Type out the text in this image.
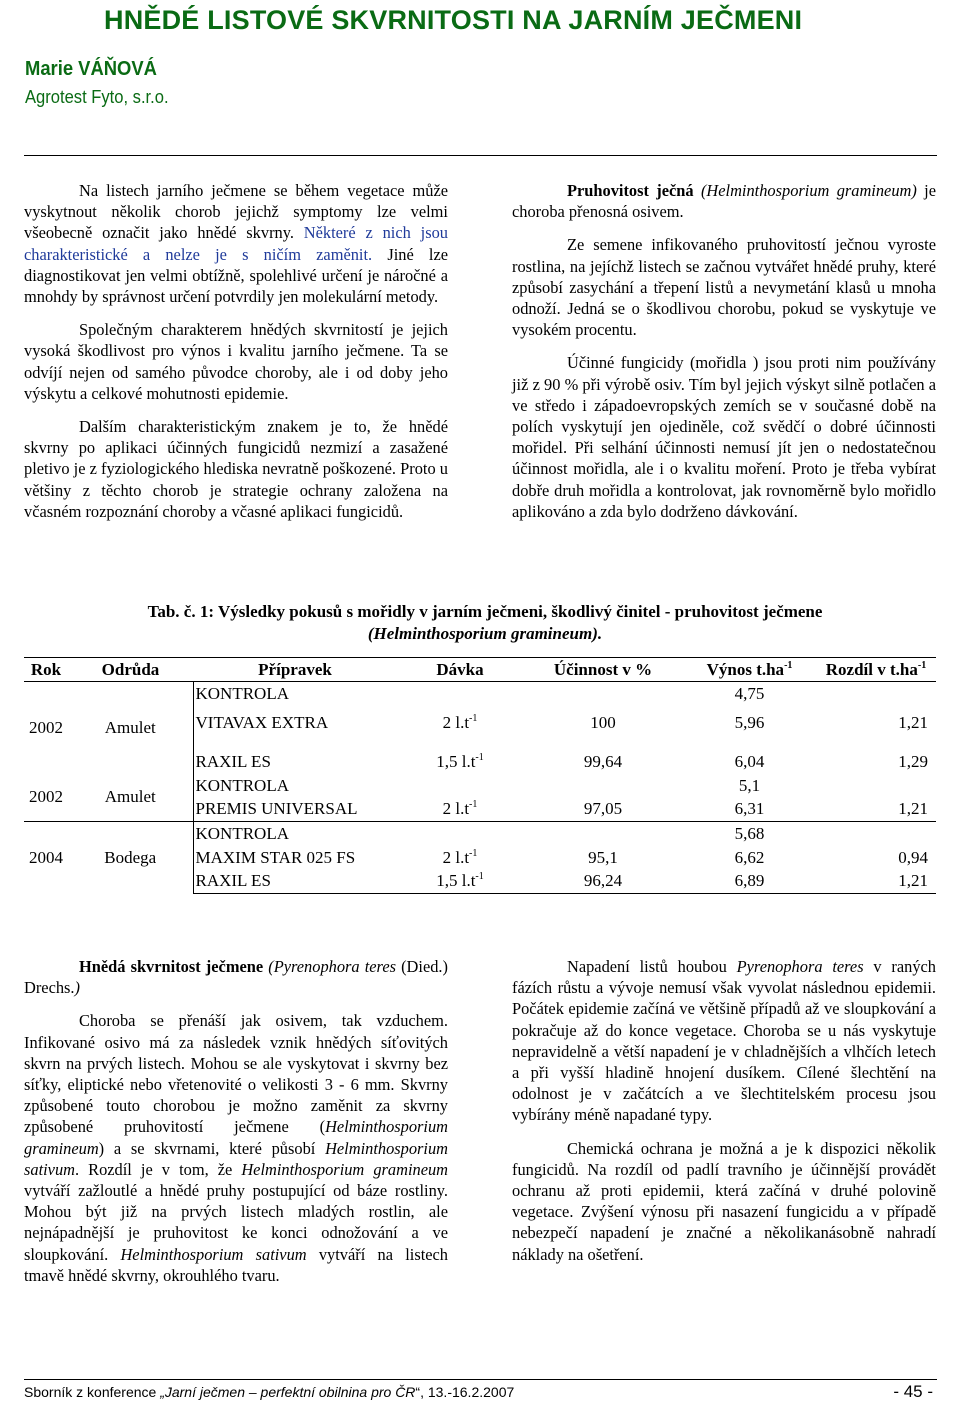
HNĚDÉ LISTOVÉ SKVRNITOSTI NA JARNÍM JEČMENI
Marie VÁŇOVÁ
Agrotest Fyto, s.r.o.

Na listech jarního ječmene se během vegetace může vyskytnout několik chorob jejichž symptomy lze velmi všeobecně označit jako hnědé skvrny. Některé z nich jsou charakteristické a nelze je s ničím zaměnit. Jiné lze diagnostikovat jen velmi obtížně, spolehlivé určení je náročné a mnohdy by správnost určení potvrdily jen molekulární metody.

Společným charakterem hnědých skvrnitostí je jejich vysoká škodlivost pro výnos i kvalitu jarního ječmene. Ta se odvíjí nejen od samého původce choroby, ale i od doby jeho výskytu a celkové mohutnosti epidemie.

Dalším charakteristickým znakem je to, že hnědé skvrny po aplikaci účinných fungicidů nezmizí a zasažené pletivo je z fyziologického hlediska nevratně poškozené. Proto u většiny z těchto chorob je strategie ochrany založena na včasném rozpoznání choroby a včasné aplikaci fungicidů.

Pruhovitost ječná (Helminthosporium gramineum) je choroba přenosná osivem.

Ze semene infikovaného pruhovitostí ječnou vyroste rostlina, na jejíchž listech se začnou vytvářet hnědé pruhy, které způsobí zasychání a třepení listů a nevymetání klasů u mnoha odnoží. Jedná se o škodlivou chorobu, pokud se vyskytuje ve vysokém procentu.

Účinné fungicidy (mořidla ) jsou proti nim používány již z 90 % při výrobě osiv. Tím byl jejich výskyt silně potlačen a ve středo i západoevropských zemích se v současné době na polích vyskytují jen ojediněle, což svědčí o dobré účinnosti mořidel. Při selhání účinnosti nemusí jít jen o nedostatečnou účinnost mořidla, ale i o kvalitu moření. Proto je třeba vybírat dobře druh mořidla a kontrolovat, jak rovnoměrně bylo mořidlo aplikováno a zda bylo dodrženo dávkování.

Tab. č. 1: Výsledky pokusů s mořidly v jarním ječmeni, škodlivý činitel - pruhovitost ječmene
(Helminthosporium gramineum).
Rok	Odrůda	Přípravek	Dávka	Účinnost v %	Výnos $t.ha^{-1}$	Rozdíl v $t.ha^{-1}$
2002	Amulet	KONTROLA			4,75	
		VITAVAX EXTRA	2 $l.t^{-1}$	100	5,96	1,21

		RAXIL ES	1,5 $l.t^{-1}$	99,64	6,04	1,29
2002	Amulet	KONTROLA			5,1	
		PREMIS UNIVERSAL	2 $l.t^{-1}$	97,05	6,31	1,21
2004	Bodega	KONTROLA			5,68	
		MAXIM STAR 025 FS	2 $l.t^{-1}$	95,1	6,62	0,94
		RAXIL ES	1,5 $l.t^{-1}$	96,24	6,89	1,21

Hnědá skvrnitost ječmene (Pyrenophora teres (Died.) Drechs.)

Choroba se přenáší jak osivem, tak vzduchem. Infikované osivo má za následek vznik hnědých síťovitých skvrn na prvých listech. Mohou se ale vyskytovat i skvrny bez síťky, eliptické nebo vřetenovité o velikosti 3 - 6 mm. Skvrny způsobené touto chorobou je možno zaměnit za skvrny způsobené pruhovitostí ječmene (Helminthosporium gramineum) a se skvrnami, které působí Helminthosporium sativum. Rozdíl je v tom, že Helminthosporium gramineum vytváří zažloutlé a hnědé pruhy postupující od báze rostliny. Mohou být již na prvých listech mladých rostlin, ale nejnápadnější je pruhovitost ke konci odnožování a ve sloupkování. Helminthosporium sativum vytváří na listech tmavě hnědé skvrny, okrouhlého tvaru.

Napadení listů houbou Pyrenophora teres v raných fázích růstu a vývoje nemusí však vyvolat následnou epidemii. Počátek epidemie začíná ve většině případů až ve sloupkování a pokračuje až do konce vegetace. Choroba se u nás vyskytuje nepravidelně a větší napadení je v chladnějších a vlhčích letech a při vyšší hladině hnojení dusíkem. Cílené šlechtění na odolnost je v začátcích a ve šlechtitelském procesu jsou vybírány méně napadané typy.

Chemická ochrana je možná a je k dispozici několik fungicidů. Na rozdíl od padlí travního je účinnější provádět ochranu až proti epidemii, která začíná v druhé polovině vegetace. Zvýšení výnosu při nasazení fungicidu a v případě nebezpečí napadení je značné a několikanásobně nahradí náklady na ošetření.

Sborník z konference „Jarní ječmen – perfektní obilnina pro ČR“, 13.-16.2.2007	- 45 -
